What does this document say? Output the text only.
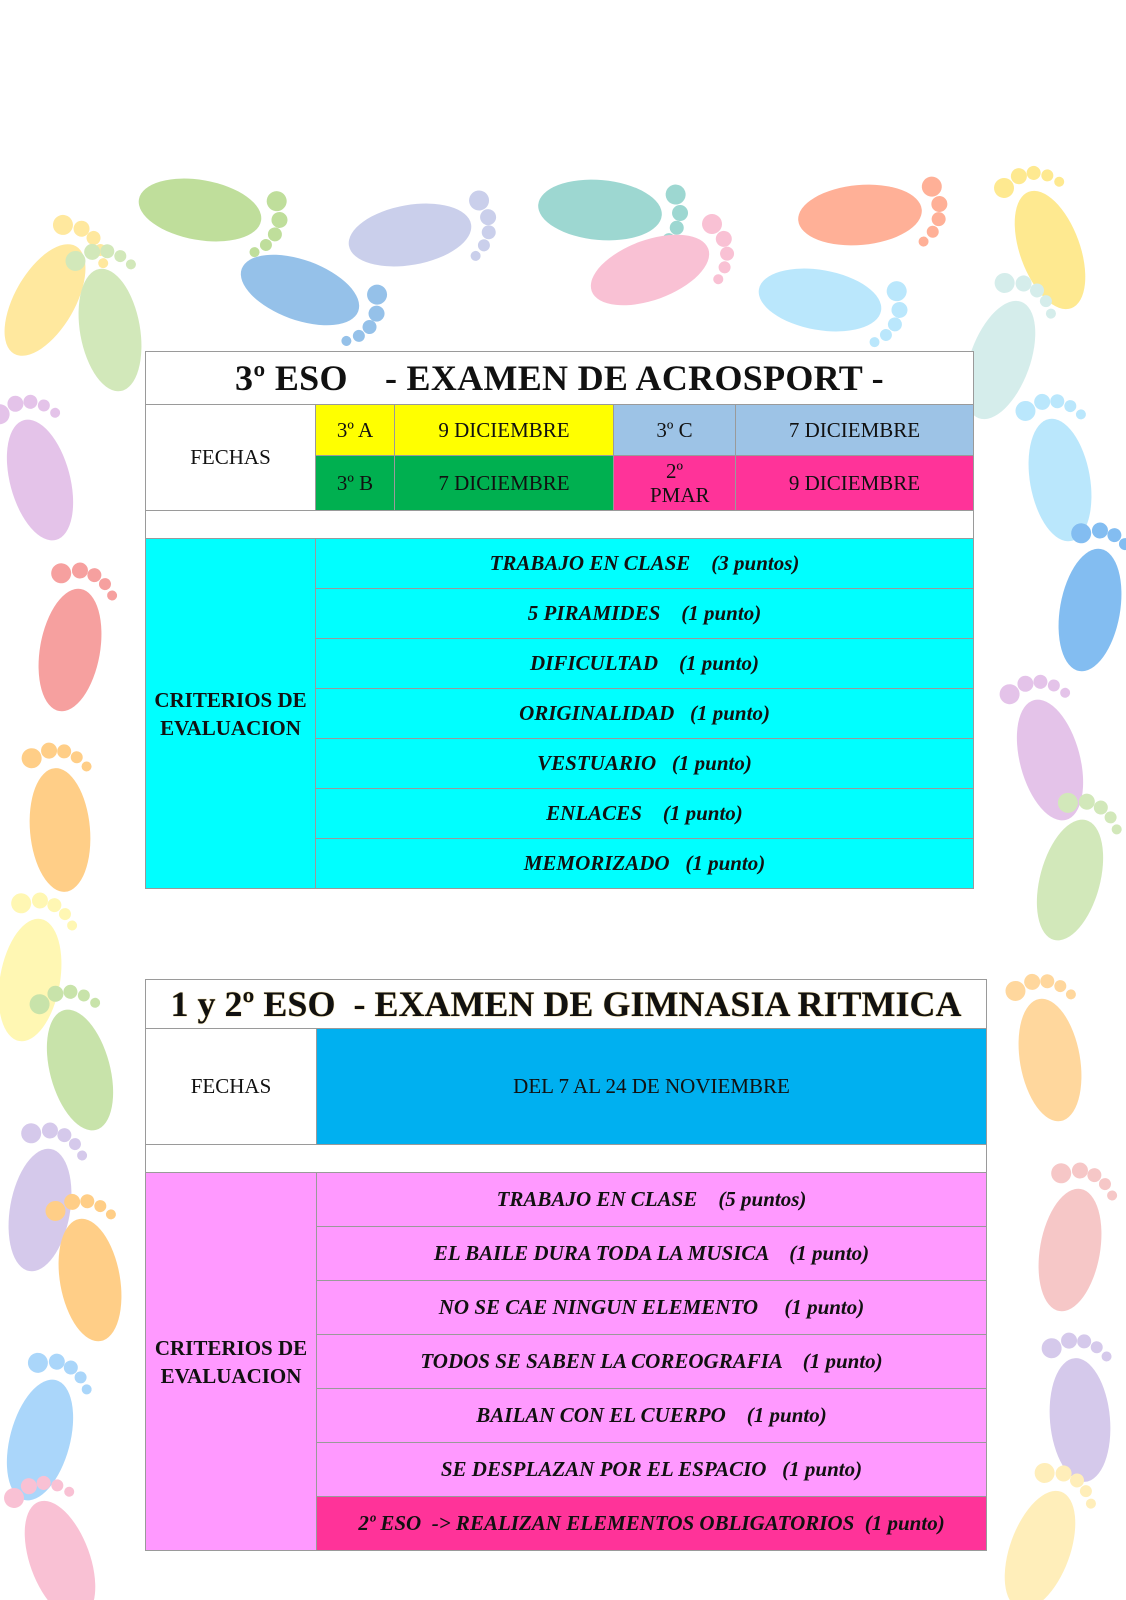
3º ESO    - EXAMEN DE ACROSPORT -				
FECHAS	3º A	9 DICIEMBRE	3º C	7 DICIEMBRE
	3º B	7 DICIEMBRE	2º PMAR	9 DICIEMBRE

CRITERIOS DE EVALUACION	TRABAJO EN CLASE    (3 puntos)			
	5 PIRAMIDES    (1 punto)			
	DIFICULTAD    (1 punto)			
	ORIGINALIDAD   (1 punto)			
	VESTUARIO   (1 punto)			
	ENLACES    (1 punto)			
	MEMORIZADO   (1 punto)			
1 y 2º ESO  - EXAMEN DE GIMNASIA RITMICA	
FECHAS	DEL 7 AL 24 DE NOVIEMBRE

CRITERIOS DE EVALUACION	TRABAJO EN CLASE    (5 puntos)
	EL BAILE DURA TODA LA MUSICA    (1 punto)
	NO SE CAE NINGUN ELEMENTO     (1 punto)
	TODOS SE SABEN LA COREOGRAFIA    (1 punto)
	BAILAN CON EL CUERPO    (1 punto)
	SE DESPLAZAN POR EL ESPACIO   (1 punto)
	2º ESO  -> REALIZAN ELEMENTOS OBLIGATORIOS  (1 punto)
